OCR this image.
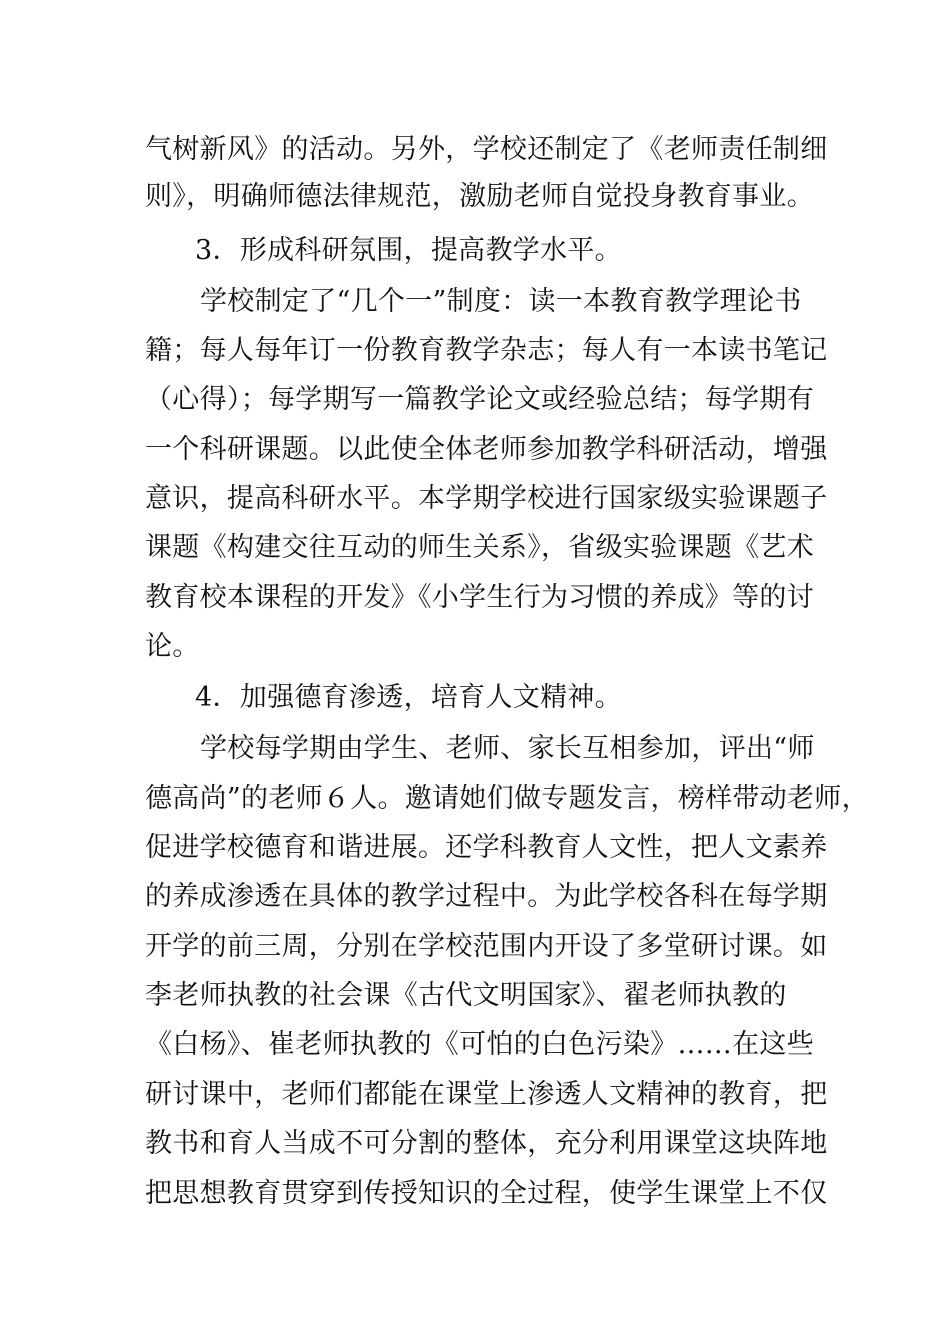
气树新风》的活动。另外，学校还制定了《老师责任制细
则》，明确师德法律规范，激励老师自觉投身教育事业。
3．形成科研氛围，提高教学水平。
学校制定了“几个一”制度：读一本教育教学理论书
籍；每人每年订一份教育教学杂志；每人有一本读书笔记
（心得）；每学期写一篇教学论文或经验总结；每学期有
一个科研课题。以此使全体老师参加教学科研活动，增强
意识，提高科研水平。本学期学校进行国家级实验课题子
课题《构建交往互动的师生关系》，省级实验课题《艺术
教育校本课程的开发》《小学生行为习惯的养成》等的讨
论。
4．加强德育渗透，培育人文精神。
学校每学期由学生、老师、家长互相参加，评出“师
德高尚”的老师６人。邀请她们做专题发言，榜样带动老师，
促进学校德育和谐进展。还学科教育人文性，把人文素养
的养成渗透在具体的教学过程中。为此学校各科在每学期
开学的前三周，分别在学校范围内开设了多堂研讨课。如
李老师执教的社会课《古代文明国家》、翟老师执教的
《白杨》、崔老师执教的《可怕的白色污染》……在这些
研讨课中，老师们都能在课堂上渗透人文精神的教育，把
教书和育人当成不可分割的整体，充分利用课堂这块阵地
把思想教育贯穿到传授知识的全过程，使学生课堂上不仅
